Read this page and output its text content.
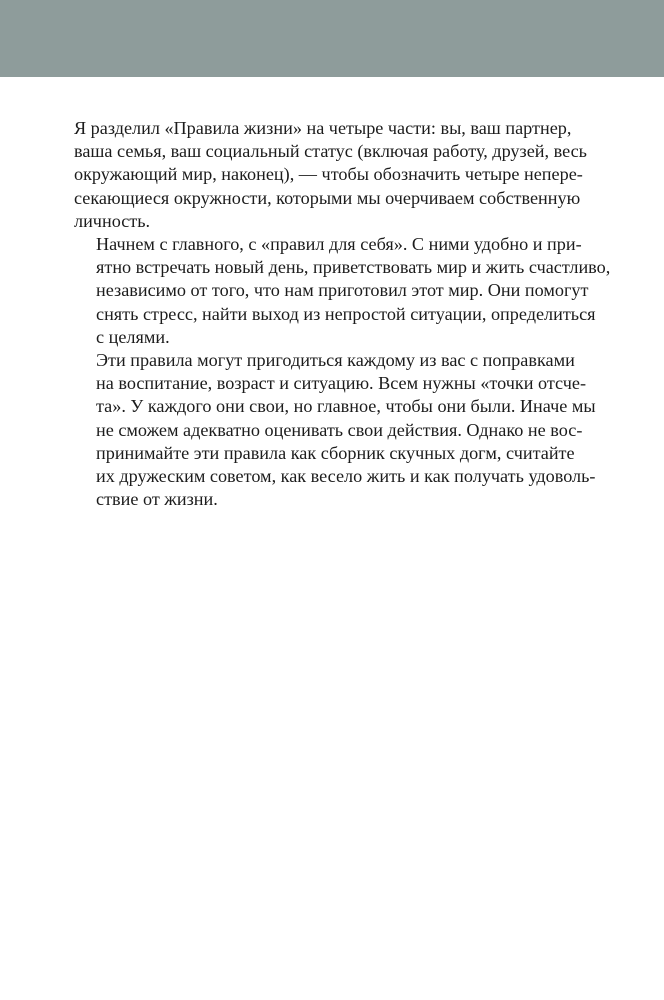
Я разделил «Правила жизни» на четыре части: вы, ваш партнер,
ваша семья, ваш социальный статус (включая работу, друзей, весь
окружающий мир, наконец), — чтобы обозначить четыре непере-
секающиеся окружности, которыми мы очерчиваем собственную
личность.

Начнем с главного, с «правил для себя». С ними удобно и при-
ятно встречать новый день, приветствовать мир и жить счастливо,
независимо от того, что нам приготовил этот мир. Они помогут
снять стресс, найти выход из непростой ситуации, определиться
с целями.

Эти правила могут пригодиться каждому из вас с поправками
на воспитание, возраст и ситуацию. Всем нужны «точки отсче-
та». У каждого они свои, но главное, чтобы они были. Иначе мы
не сможем адекватно оценивать свои действия. Однако не вос-
принимайте эти правила как сборник скучных догм, считайте
их дружеским советом, как весело жить и как получать удоволь-
ствие от жизни.
